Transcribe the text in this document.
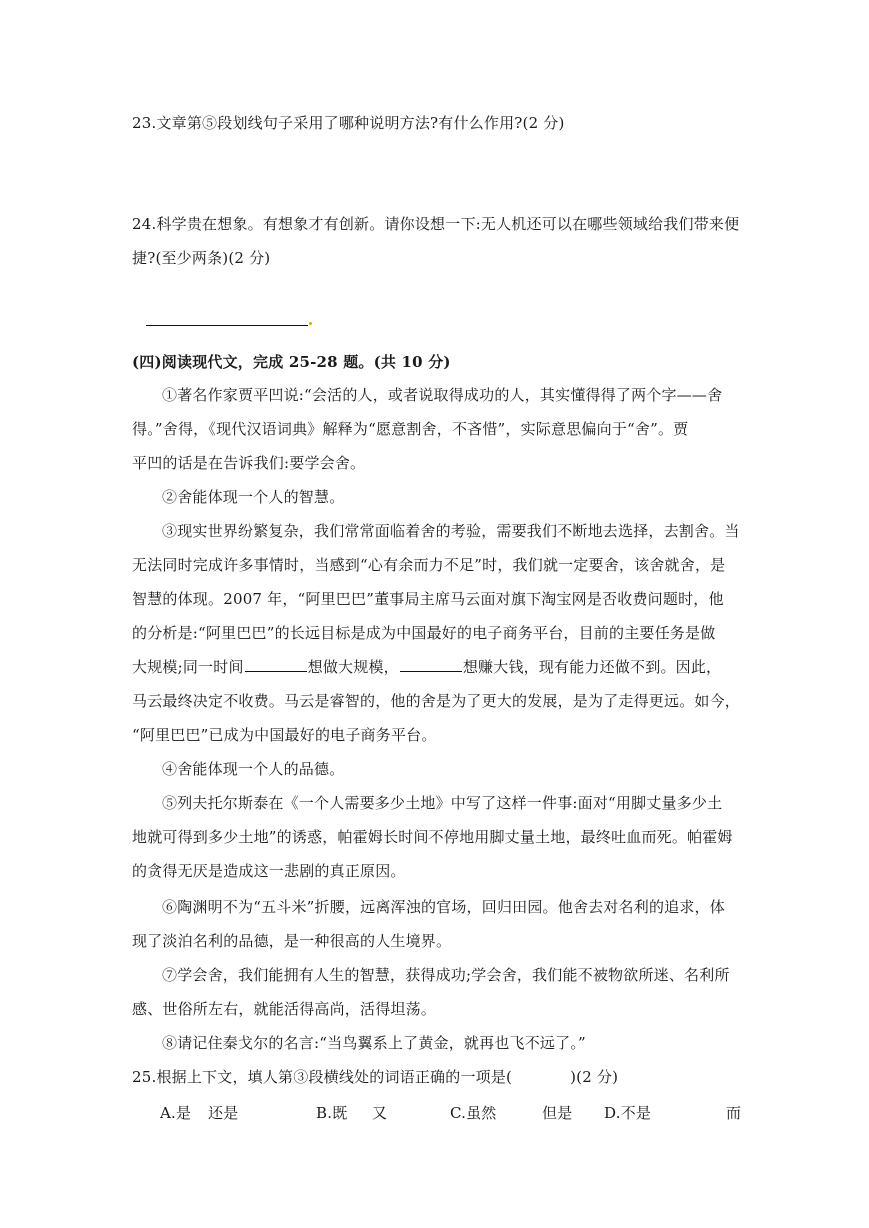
23.文章第⑤段划线句子采用了哪种说明方法?有什么作用?(2 分)
24.科学贵在想象。有想象才有创新。请你设想一下:无人机还可以在哪些领域给我们带来便
捷?(至少两条)(2 分)
(四)阅读现代文，完成 25-28 题。(共 10 分)
①著名作家贾平凹说:“会活的人，或者说取得成功的人，其实懂得得了两个字——舍
得。”舍得，《现代汉语词典》解释为“愿意割舍，不吝惜”，实际意思偏向于“舍”。贾
平凹的话是在告诉我们:要学会舍。
②舍能体现一个人的智慧。
③现实世界纷繁复杂，我们常常面临着舍的考验，需要我们不断地去选择，去割舍。当
无法同时完成许多事情时，当感到“心有余而力不足”时，我们就一定要舍，该舍就舍，是
智慧的体现。2007 年，“阿里巴巴”董事局主席马云面对旗下淘宝网是否收费问题时，他
的分析是:“阿里巴巴”的长远目标是成为中国最好的电子商务平台，目前的主要任务是做
大规模;同一时间	想做大规模，	想赚大钱，现有能力还做不到。因此，
马云最终决定不收费。马云是睿智的，他的舍是为了更大的发展，是为了走得更远。如今，
“阿里巴巴”已成为中国最好的电子商务平台。
④舍能体现一个人的品德。
⑤列夫托尔斯泰在《一个人需要多少土地》中写了这样一件事:面对“用脚丈量多少土
地就可得到多少土地”的诱惑，帕霍姆长时间不停地用脚丈量土地，最终吐血而死。帕霍姆
的贪得无厌是造成这一悲剧的真正原因。
⑥陶渊明不为“五斗米”折腰，远离浑浊的官场，回归田园。他舍去对名利的追求，体
现了淡泊名利的品德，是一种很高的人生境界。
⑦学会舍，我们能拥有人生的智慧，获得成功;学会舍，我们能不被物欲所迷、名利所
感、世俗所左右，就能活得高尚，活得坦荡。
⑧请记住秦戈尔的名言:“当鸟翼系上了黄金，就再也飞不远了。”
25.根据上下文，填人第③段横线处的词语正确的一项是(	)(2 分)
A.是 还是	B.既 又	C.虽然	但是 D.不是	而
